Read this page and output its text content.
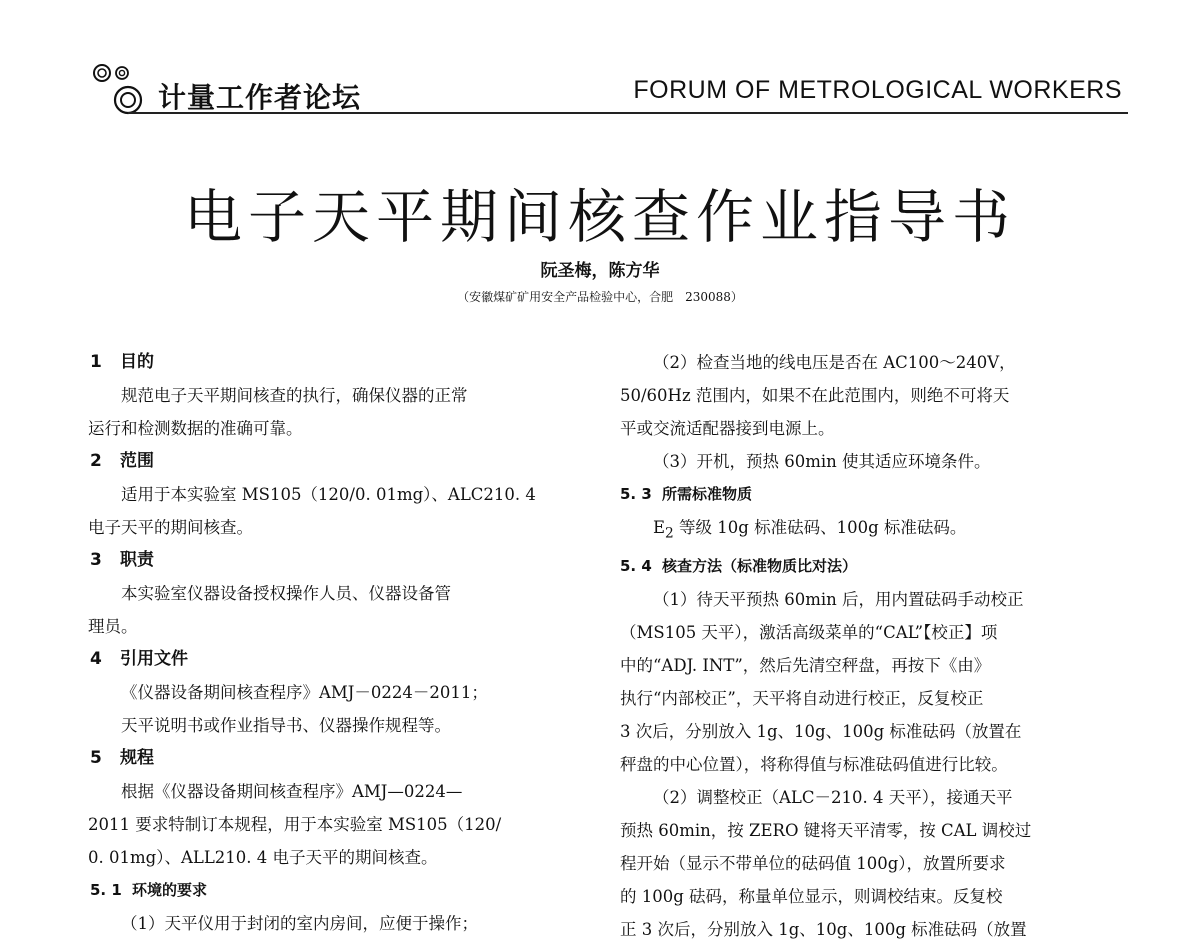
计量工作者论坛	FORUM OF METROLOGICAL WORKERS
电子天平期间核查作业指导书
阮圣梅，陈方华
（安徽煤矿矿用安全产品检验中心，合肥　230088）

1 目的

规范电子天平期间核查的执行，确保仪器的正常

运行和检测数据的准确可靠。

2 范围

适用于本实验室 MS105（120/0. 01mg）、ALC210. 4

电子天平的期间核查。

3 职责

本实验室仪器设备授权操作人员、仪器设备管

理员。

4 引用文件

《仪器设备期间核查程序》AMJ－0224－2011；

天平说明书或作业指导书、仪器操作规程等。

5 规程

根据《仪器设备期间核查程序》AMJ—0224—

2011 要求特制订本规程，用于本实验室 MS105（120/

0. 01mg）、ALL210. 4 电子天平的期间核查。

5. 1 环境的要求

（1）天平仪用于封闭的室内房间，应便于操作；

（2）检查当地的线电压是否在 AC100～240V，

50/60Hz 范围内，如果不在此范围内，则绝不可将天

平或交流适配器接到电源上。

（3）开机，预热 60min 使其适应环境条件。

5. 3 所需标准物质

$E_2$ 等级 10g 标准砝码、100g 标准砝码。

5. 4 核查方法（标准物质比对法）

（1）待天平预热 60min 后，用内置砝码手动校正

（MS105 天平），激活高级菜单的“CAL”【校正】项

中的“ADJ. INT”，然后先清空秤盘，再按下《由》

执行“内部校正”，天平将自动进行校正，反复校正

3 次后，分别放入 1g、10g、100g 标准砝码（放置在

秤盘的中心位置），将称得值与标准砝码值进行比较。

（2）调整校正（ALC－210. 4 天平），接通天平

预热 60min，按 ZERO 键将天平清零，按 CAL 调校过

程开始（显示不带单位的砝码值 100g），放置所要求

的 100g 砝码，称量单位显示，则调校结束。反复校

正 3 次后，分别放入 1g、10g、100g 标准砝码（放置
